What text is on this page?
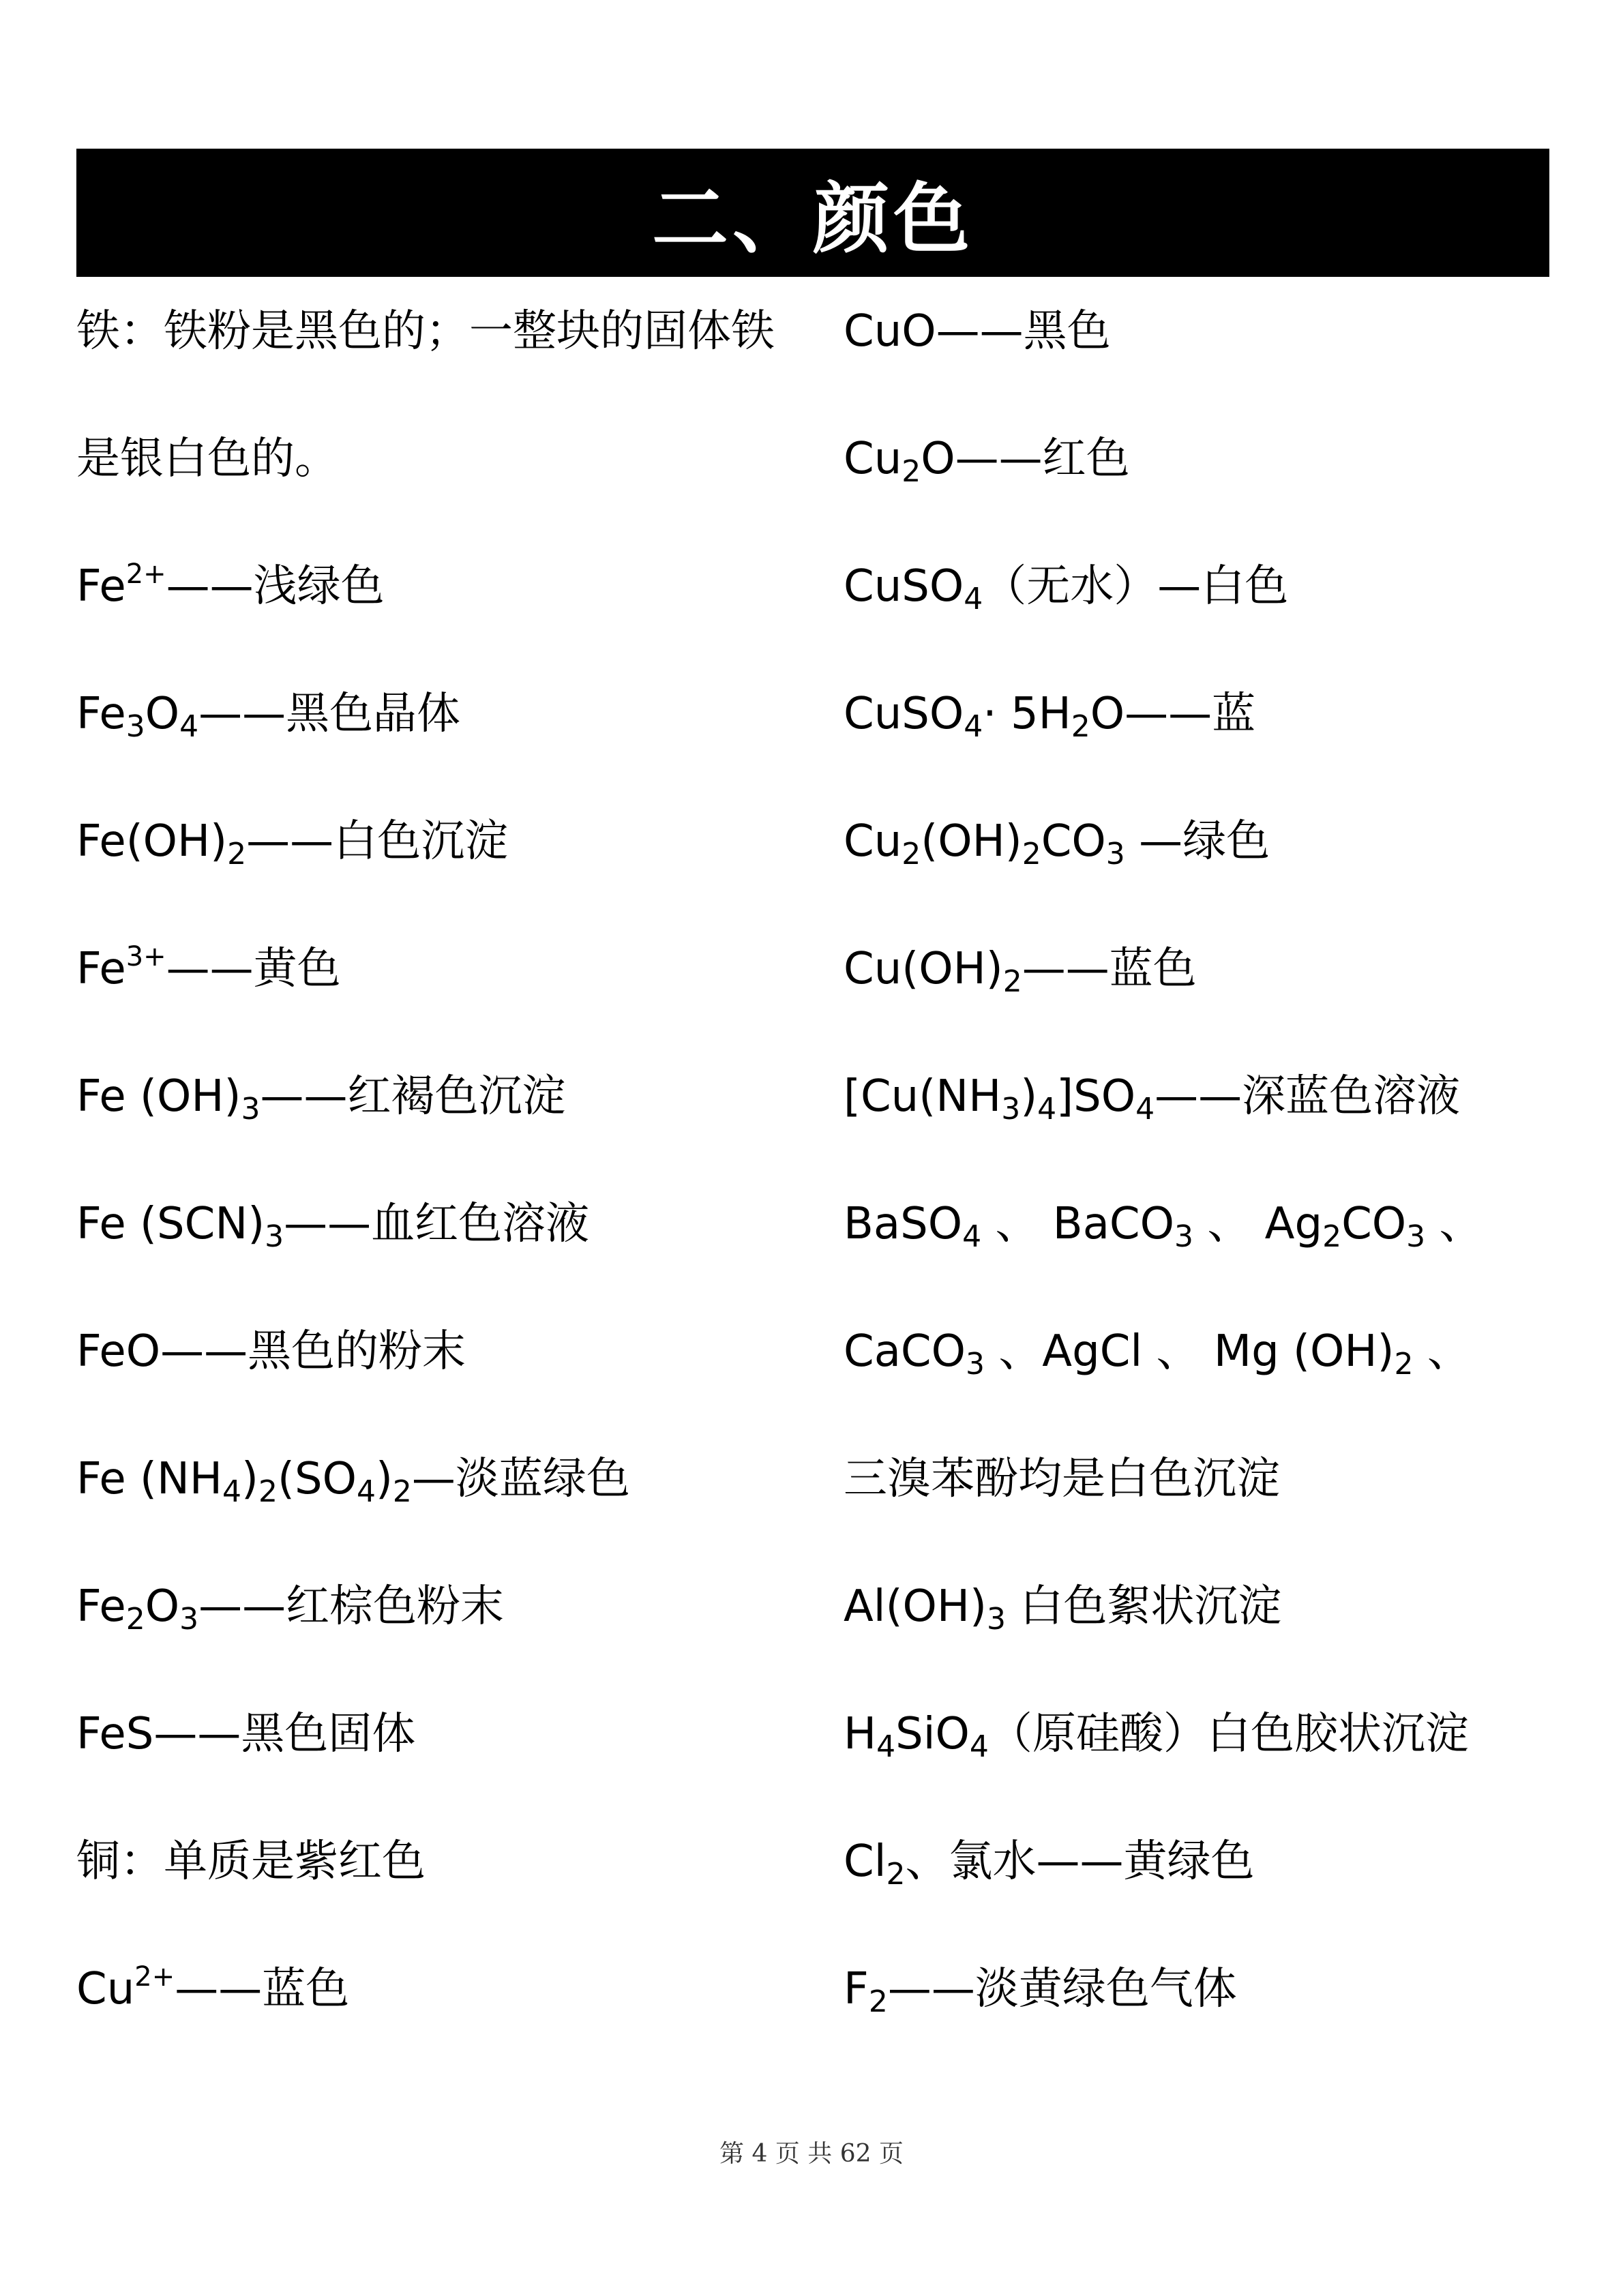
二、颜色
铁：铁粉是黑色的；一整块的固体铁
是银白色的。
$Fe^{2+}——$浅绿色
$Fe_3O_4——$黑色晶体
$Fe(OH)_2——$白色沉淀
$Fe^{3+}——$黄色
Fe $(OH)_3——$红褐色沉淀
Fe $(SCN)_3——$血红色溶液
FeO——黑色的粉末
Fe $(NH_4)_2(SO_4)_2—$淡蓝绿色
$Fe_2O_3——$红棕色粉末
FeS——黑色固体
铜：单质是紫红色
$Cu^{2+}——$蓝色
CuO——黑色
$Cu_2O——$红色
CuSO$_4$（无水）—白色
CuSO$_4$· $5H_2O——$蓝
$Cu_2(OH)_2CO_3$ —绿色
$Cu(OH)_2——$蓝色
$[Cu(NH_3)_4]SO_4——$深蓝色溶液
BaSO$_4$ 、 BaCO$_3$ 、 $Ag_2CO_3$ 、
CaCO$_3$ 、AgCl 、 Mg $(OH)_2$ 、
三溴苯酚均是白色沉淀
$Al(OH)_3$ 白色絮状沉淀
$H_4SiO_4$（原硅酸）白色胶状沉淀
$Cl_2$、氯水——黄绿色
$F_2——$淡黄绿色气体
第 4 页 共 62 页
